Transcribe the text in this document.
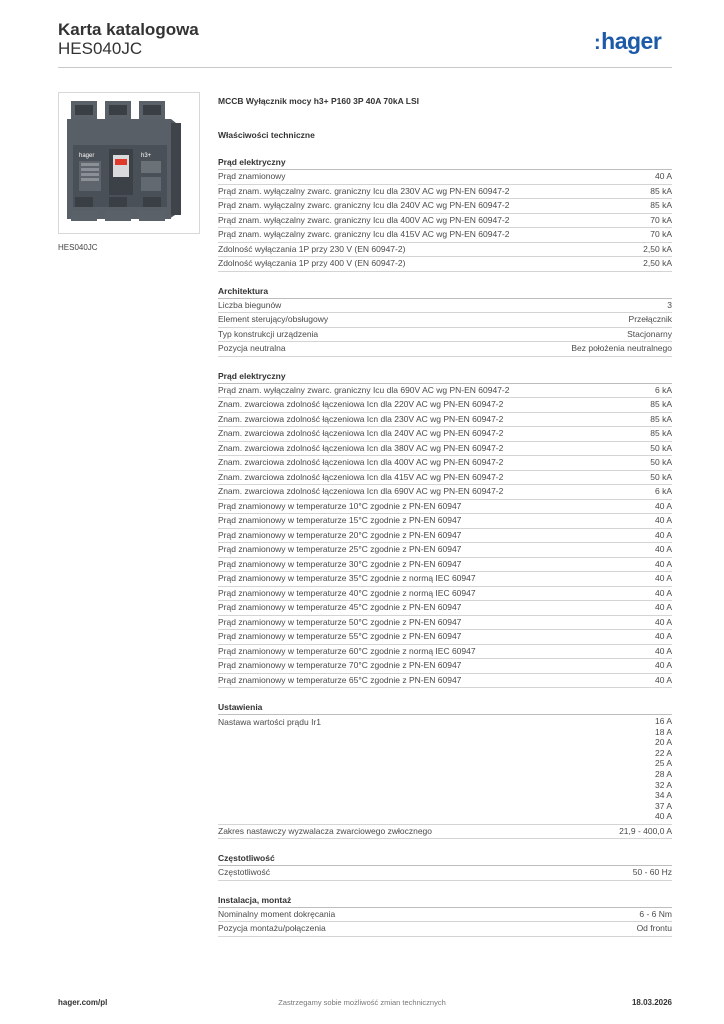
Karta katalogowa
HES040JC	:hager
hager	h3+
HES040JC
MCCB Wyłącznik mocy h3+ P160 3P 40A 70kA LSI
Właściwości techniczne
Prąd elektryczny
Prąd znamionowy	40 A
Prąd znam. wyłączalny zwarc. graniczny Icu dla 230V AC wg PN-EN 60947-2	85 kA
Prąd znam. wyłączalny zwarc. graniczny Icu dla 240V AC wg PN-EN 60947-2	85 kA
Prąd znam. wyłączalny zwarc. graniczny Icu dla 400V AC wg PN-EN 60947-2	70 kA
Prąd znam. wyłączalny zwarc. graniczny Icu dla 415V AC wg PN-EN 60947-2	70 kA
Zdolność wyłączania 1P przy 230 V (EN 60947-2)	2,50 kA
Zdolność wyłączania 1P przy 400 V (EN 60947-2)	2,50 kA
Architektura
Liczba biegunów	3
Element sterujący/obsługowy	Przełącznik
Typ konstrukcji urządzenia	Stacjonarny
Pozycja neutralna	Bez położenia neutralnego
Prąd elektryczny
Prąd znam. wyłączalny zwarc. graniczny Icu dla 690V AC wg PN-EN 60947-2	6 kA
Znam. zwarciowa zdolność łączeniowa Icn dla 220V AC wg PN-EN 60947-2	85 kA
Znam. zwarciowa zdolność łączeniowa Icn dla 230V AC wg PN-EN 60947-2	85 kA
Znam. zwarciowa zdolność łączeniowa Icn dla 240V AC wg PN-EN 60947-2	85 kA
Znam. zwarciowa zdolność łączeniowa Icn dla 380V AC wg PN-EN 60947-2	50 kA
Znam. zwarciowa zdolność łączeniowa Icn dla 400V AC wg PN-EN 60947-2	50 kA
Znam. zwarciowa zdolność łączeniowa Icn dla 415V AC wg PN-EN 60947-2	50 kA
Znam. zwarciowa zdolność łączeniowa Icn dla 690V AC wg PN-EN 60947-2	6 kA
Prąd znamionowy w temperaturze 10°C zgodnie z PN-EN 60947	40 A
Prąd znamionowy w temperaturze 15°C zgodnie z PN-EN 60947	40 A
Prąd znamionowy w temperaturze 20°C zgodnie z PN-EN 60947	40 A
Prąd znamionowy w temperaturze 25°C zgodnie z PN-EN 60947	40 A
Prąd znamionowy w temperaturze 30°C zgodnie z PN-EN 60947	40 A
Prąd znamionowy w temperaturze 35°C zgodnie z normą IEC 60947	40 A
Prąd znamionowy w temperaturze 40°C zgodnie z normą IEC 60947	40 A
Prąd znamionowy w temperaturze 45°C zgodnie z PN-EN 60947	40 A
Prąd znamionowy w temperaturze 50°C zgodnie z PN-EN 60947	40 A
Prąd znamionowy w temperaturze 55°C zgodnie z PN-EN 60947	40 A
Prąd znamionowy w temperaturze 60°C zgodnie z normą IEC 60947	40 A
Prąd znamionowy w temperaturze 70°C zgodnie z PN-EN 60947	40 A
Prąd znamionowy w temperaturze 65°C zgodnie z PN-EN 60947	40 A
Ustawienia
Nastawa wartości prądu Ir1	16 A
18 A
20 A
22 A
25 A
28 A
32 A
34 A
37 A
40 A
Zakres nastawczy wyzwalacza zwarciowego zwłocznego	21,9 - 400,0 A
Częstotliwość
Częstotliwość	50 - 60 Hz
Instalacja, montaż
Nominalny moment dokręcania	6 - 6 Nm
Pozycja montażu/połączenia	Od frontu
hager.com/pl	Zastrzegamy sobie możliwość zmian technicznych	18.03.2026
